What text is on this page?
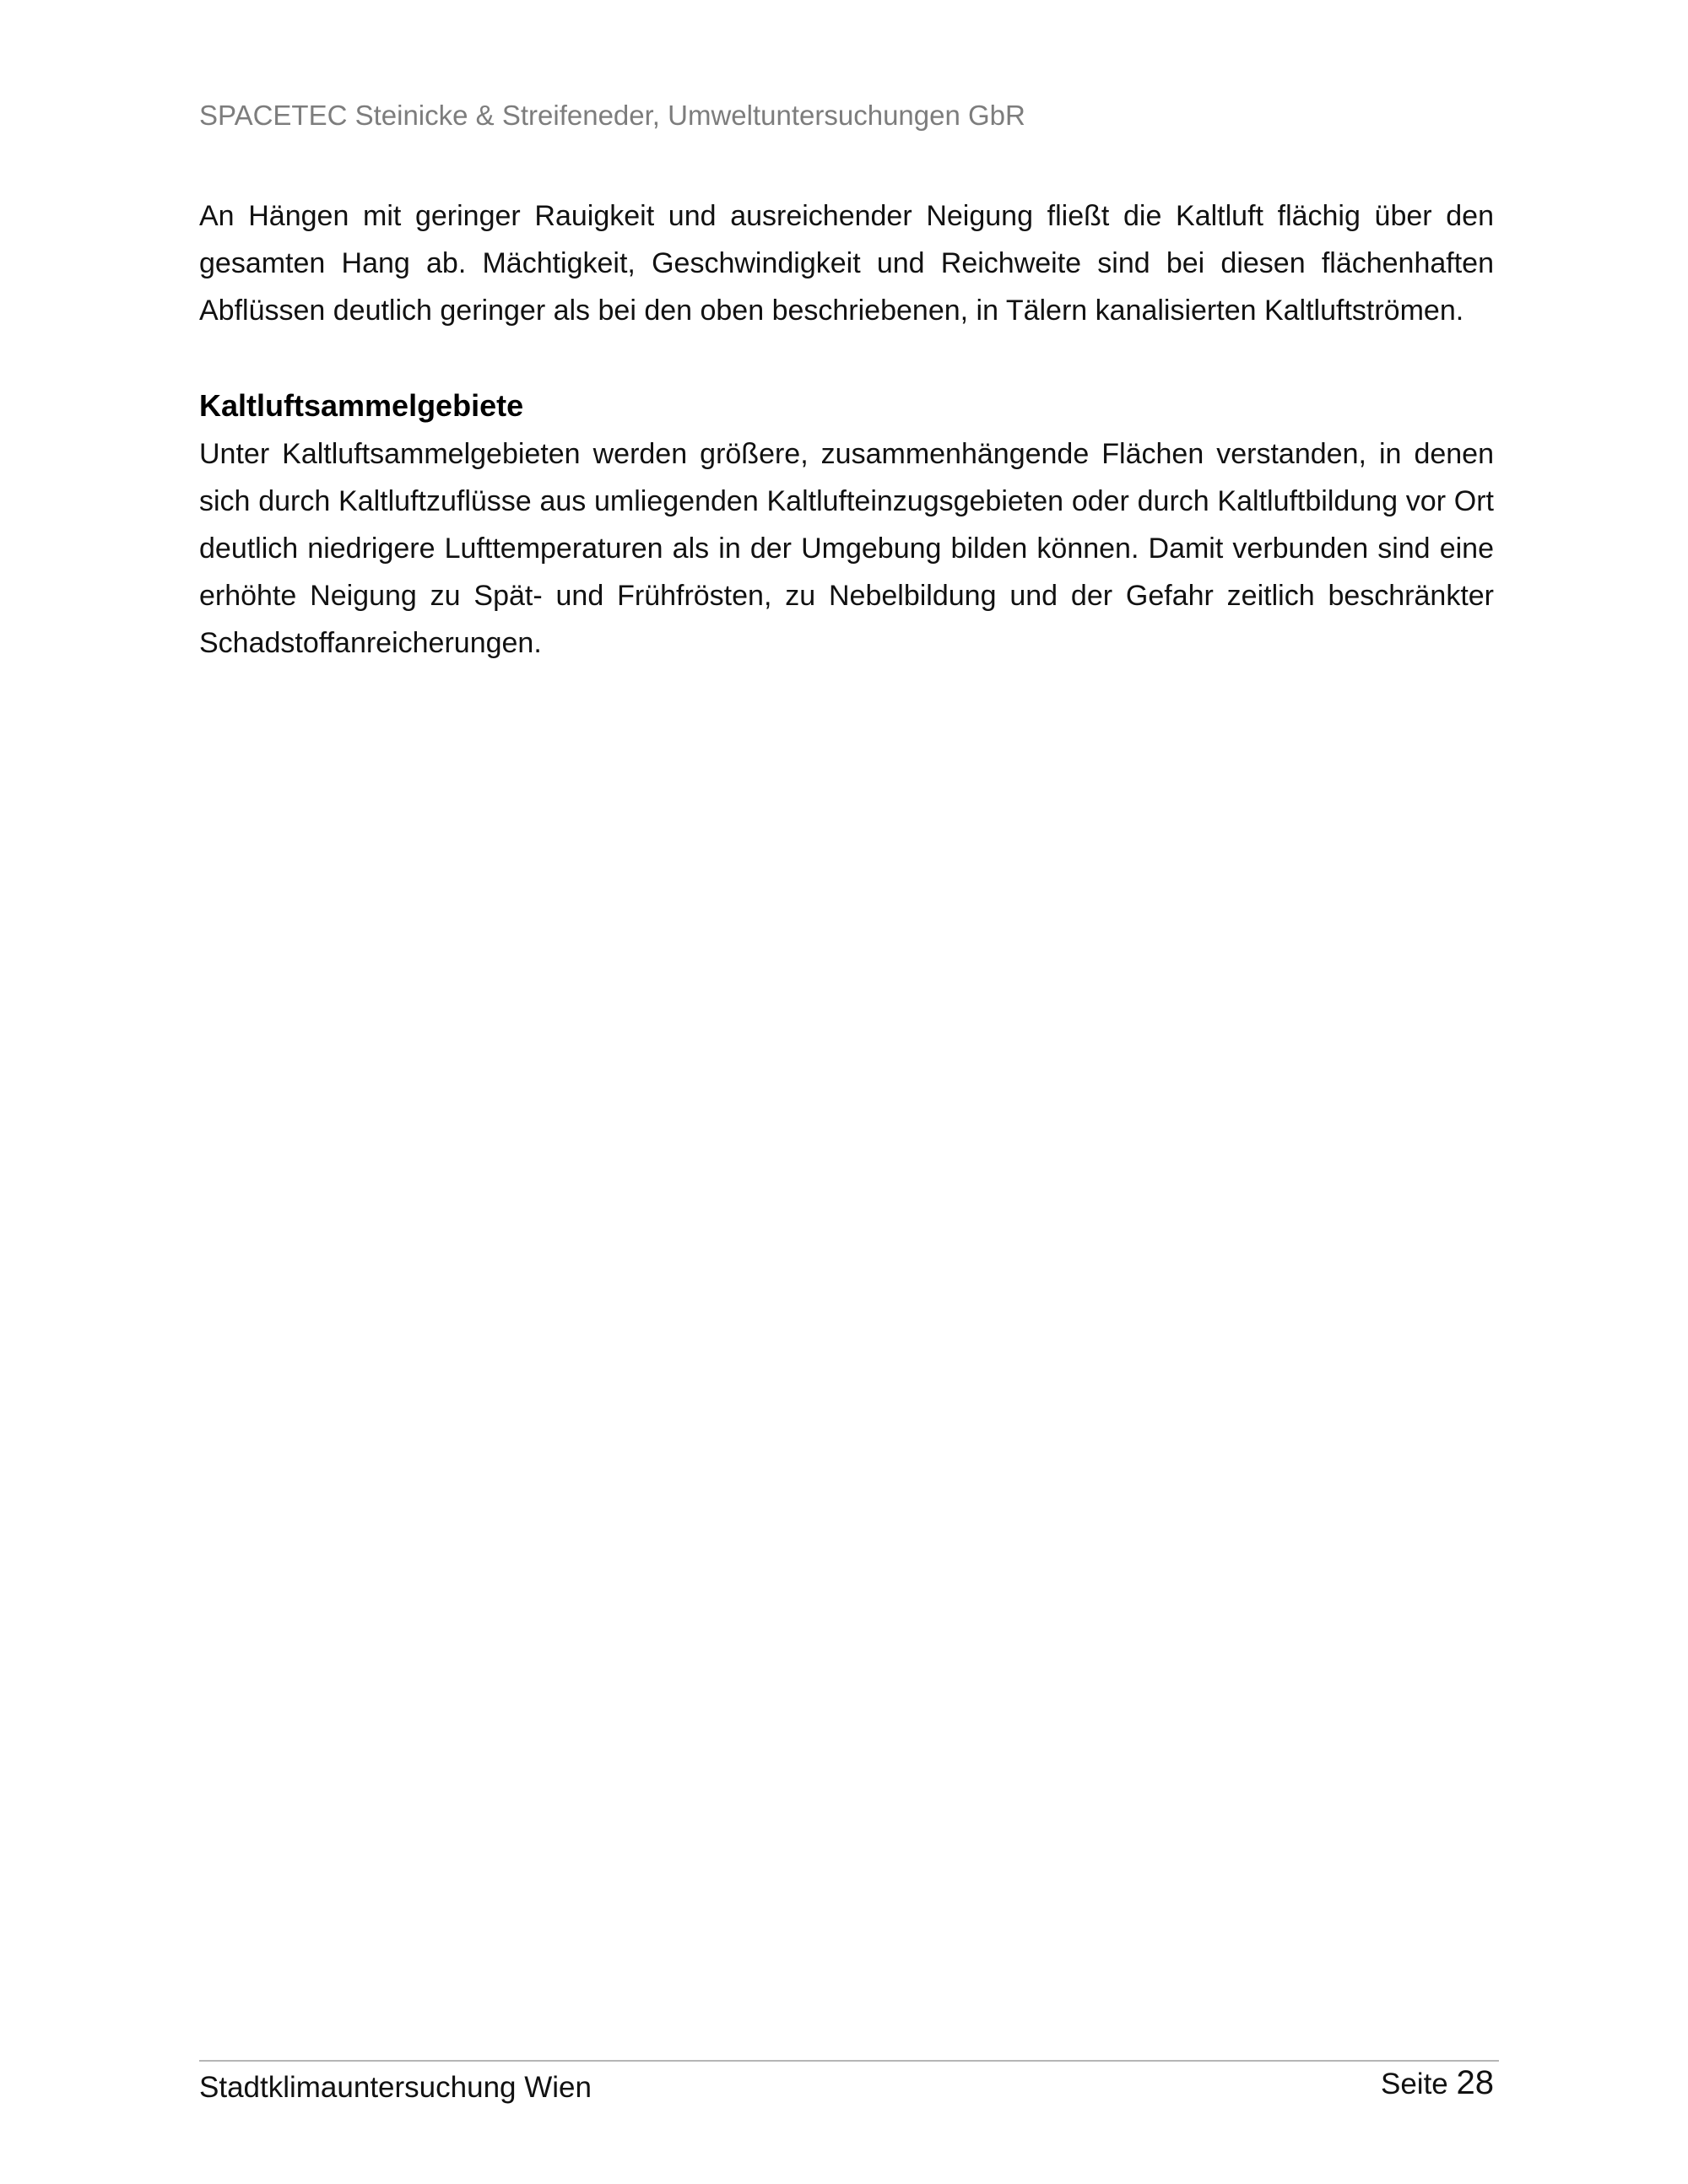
SPACETEC Steinicke & Streifeneder, Umweltuntersuchungen GbR

An Hängen mit geringer Rauigkeit und ausreichender Neigung fließt die Kaltluft flächig über den gesamten Hang ab. Mächtigkeit, Geschwindigkeit und Reichweite sind bei diesen flächenhaften Abflüssen deutlich geringer als bei den oben beschriebenen, in Tälern kanalisierten Kaltluftströmen.

Kaltluftsammelgebiete

Unter Kaltluftsammelgebieten werden größere, zusammenhängende Flächen verstanden, in denen sich durch Kaltluftzuflüsse aus umliegenden Kaltlufteinzugsgebieten oder durch Kaltluftbildung vor Ort deutlich niedrigere Lufttemperaturen als in der Umgebung bilden können. Damit verbunden sind eine erhöhte Neigung zu Spät- und Frühfrösten, zu Nebelbildung und der Gefahr zeitlich beschränkter Schadstoffanreicherungen.

Stadtklimauntersuchung Wien	Seite 28
